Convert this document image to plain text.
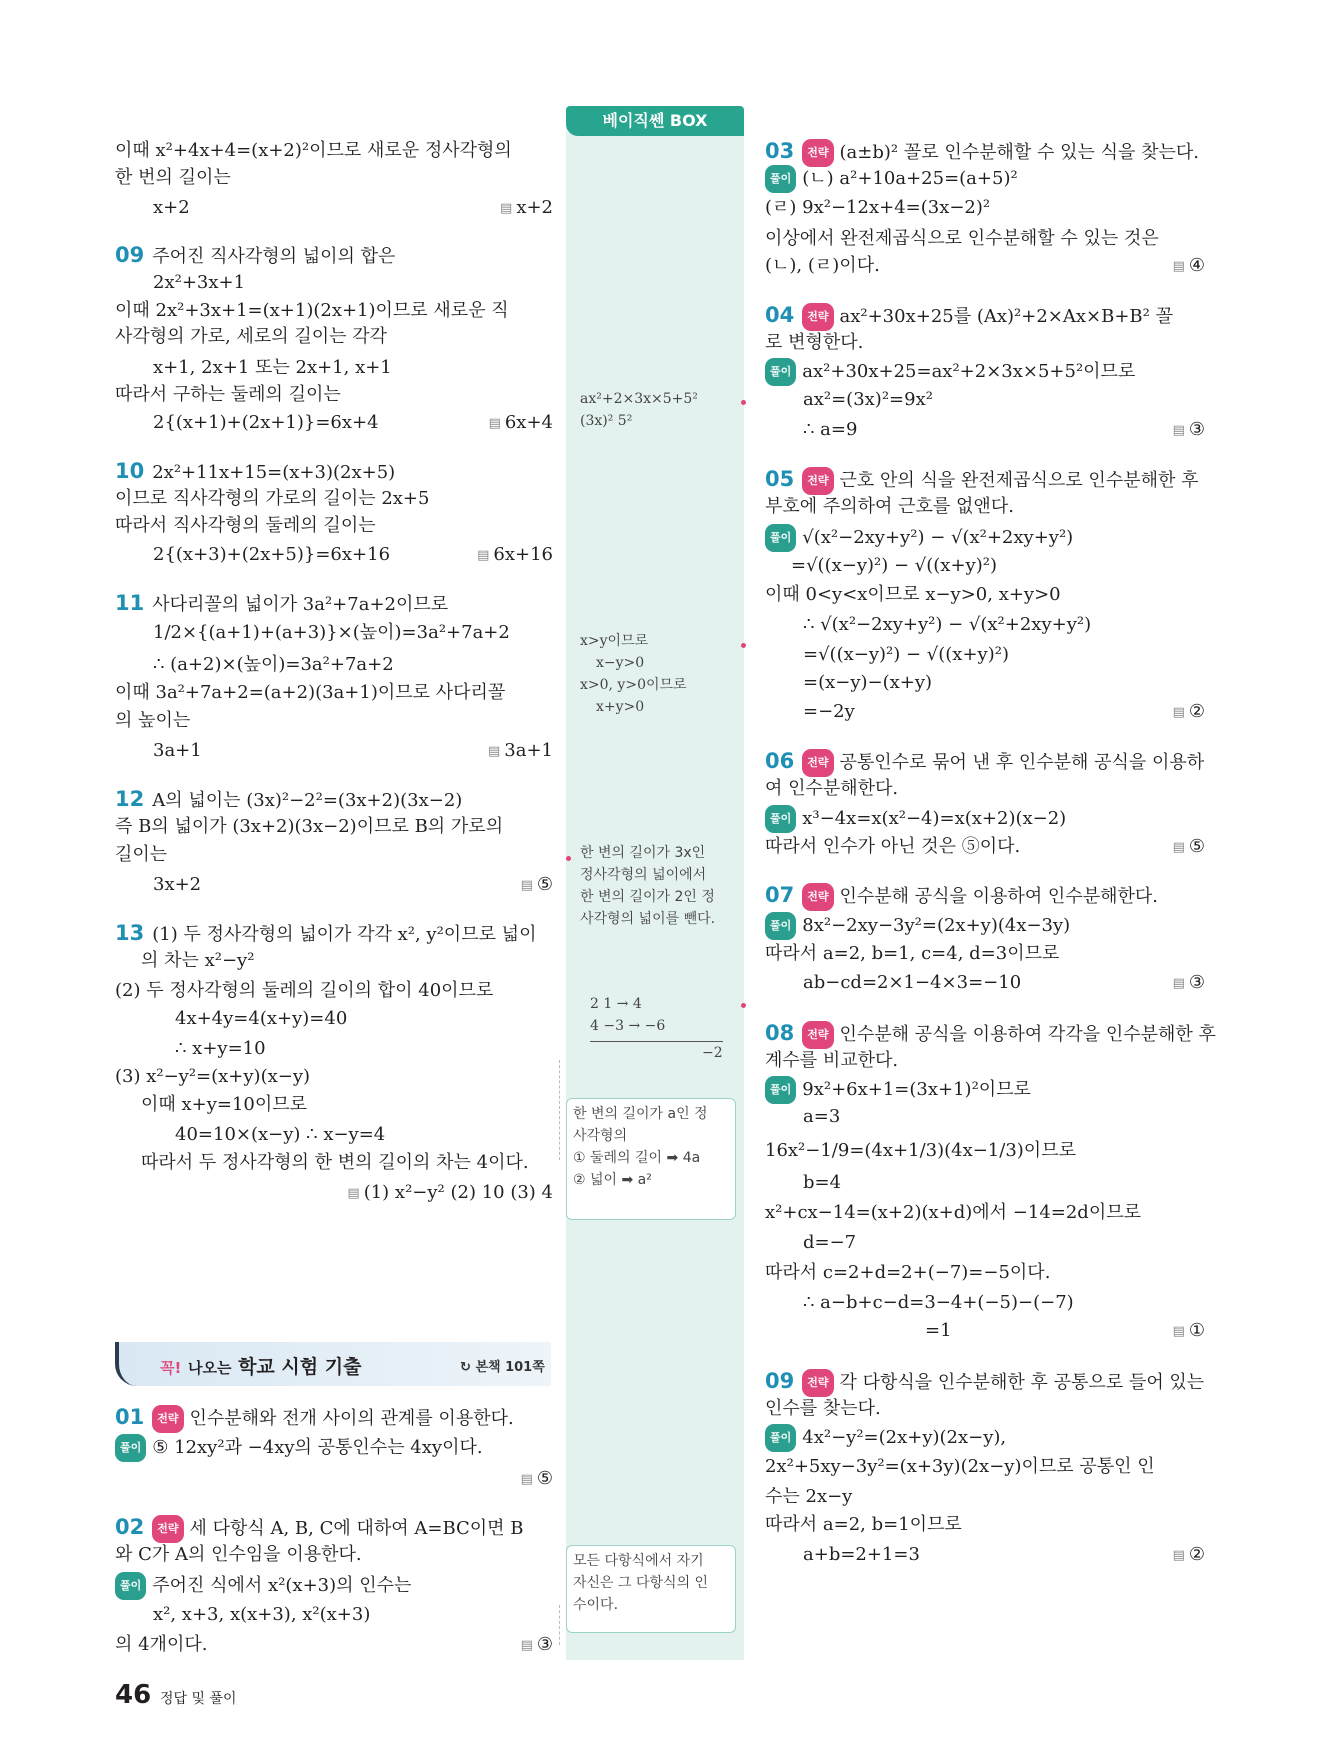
베이직쎈 BOX
이때 x²+4x+4=(x+2)²이므로 새로운 정사각형의
한 번의 길이는
x+2	▤ x+2
09 주어진 직사각형의 넓이의 합은
2x²+3x+1
이때 2x²+3x+1=(x+1)(2x+1)이므로 새로운 직
사각형의 가로, 세로의 길이는 각각
x+1, 2x+1 또는 2x+1, x+1
따라서 구하는 둘레의 길이는
2{(x+1)+(2x+1)}=6x+4	▤ 6x+4
10 2x²+11x+15=(x+3)(2x+5)
이므로 직사각형의 가로의 길이는 2x+5
따라서 직사각형의 둘레의 길이는
2{(x+3)+(2x+5)}=6x+16	▤ 6x+16
11 사다리꼴의 넓이가 3a²+7a+2이므로
1/2×{(a+1)+(a+3)}×(높이)=3a²+7a+2
∴ (a+2)×(높이)=3a²+7a+2
이때 3a²+7a+2=(a+2)(3a+1)이므로 사다리꼴
의 높이는
3a+1	▤ 3a+1
12 A의 넓이는 (3x)²−2²=(3x+2)(3x−2)
즉 B의 넓이가 (3x+2)(3x−2)이므로 B의 가로의
길이는
3x+2	▤ ⑤
13 (1) 두 정사각형의 넓이가 각각 x², y²이므로 넓이
의 차는 x²−y²
(2) 두 정사각형의 둘레의 길이의 합이 40이므로
4x+4y=4(x+y)=40
∴ x+y=10
(3) x²−y²=(x+y)(x−y)
이때 x+y=10이므로
40=10×(x−y) ∴ x−y=4
따라서 두 정사각형의 한 변의 길이의 차는 4이다.
▤ (1) x²−y² (2) 10 (3) 4
01 전략 인수분해와 전개 사이의 관계를 이용한다.
풀이 ⑤ 12xy²과 −4xy의 공통인수는 4xy이다.
▤ ⑤
02 전략 세 다항식 A, B, C에 대하여 A=BC이면 B
와 C가 A의 인수임을 이용한다.
풀이 주어진 식에서 x²(x+3)의 인수는
x², x+3, x(x+3), x²(x+3)
의 4개이다.	▤ ③
03 전략 (a±b)² 꼴로 인수분해할 수 있는 식을 찾는다.
풀이 (ㄴ) a²+10a+25=(a+5)²
(ㄹ) 9x²−12x+4=(3x−2)²
이상에서 완전제곱식으로 인수분해할 수 있는 것은
(ㄴ), (ㄹ)이다.	▤ ④
04 전략 ax²+30x+25를 (Ax)²+2×Ax×B+B² 꼴
로 변형한다.
풀이 ax²+30x+25=ax²+2×3x×5+5²이므로
ax²=(3x)²=9x²
∴ a=9	▤ ③
05 전략 근호 안의 식을 완전제곱식으로 인수분해한 후
부호에 주의하여 근호를 없앤다.
풀이 √(x²−2xy+y²) − √(x²+2xy+y²)
=√((x−y)²) − √((x+y)²)
이때 0<y<x이므로 x−y>0, x+y>0
∴ √(x²−2xy+y²) − √(x²+2xy+y²)
=√((x−y)²) − √((x+y)²)
=(x−y)−(x+y)
=−2y	▤ ②
06 전략 공통인수로 묶어 낸 후 인수분해 공식을 이용하
여 인수분해한다.
풀이 x³−4x=x(x²−4)=x(x+2)(x−2)
따라서 인수가 아닌 것은 ⑤이다.	▤ ⑤
07 전략 인수분해 공식을 이용하여 인수분해한다.
풀이 8x²−2xy−3y²=(2x+y)(4x−3y)
따라서 a=2, b=1, c=4, d=3이므로
ab−cd=2×1−4×3=−10	▤ ③
08 전략 인수분해 공식을 이용하여 각각을 인수분해한 후
계수를 비교한다.
풀이 9x²+6x+1=(3x+1)²이므로
a=3
16x²−1/9=(4x+1/3)(4x−1/3)이므로
b=4
x²+cx−14=(x+2)(x+d)에서 −14=2d이므로
d=−7
따라서 c=2+d=2+(−7)=−5이다.
∴ a−b+c−d=3−4+(−5)−(−7)
=1	▤ ①
09 전략 각 다항식을 인수분해한 후 공통으로 들어 있는
인수를 찾는다.
풀이 4x²−y²=(2x+y)(2x−y),
2x²+5xy−3y²=(x+3y)(2x−y)이므로 공통인 인
수는 2x−y
따라서 a=2, b=1이므로
a+b=2+1=3	▤ ②
꼭! 나오는 학교 시험 기출	↻ 본책 101쪽
ax²+2×3x×5+5²
(3x)² 5²
x>y이므로
x−y>0
x>0, y>0이므로
x+y>0
한 변의 길이가 3x인
정사각형의 넓이에서
한 변의 길이가 2인 정
사각형의 넓이를 뺀다.
2 1 → 4
4 −3 → −6
−2
한 변의 길이가 a인 정
사각형의
① 둘레의 길이 ➡ 4a
② 넓이 ➡ a²
모든 다항식에서 자기
자신은 그 다항식의 인
수이다.
46 정답 및 풀이
